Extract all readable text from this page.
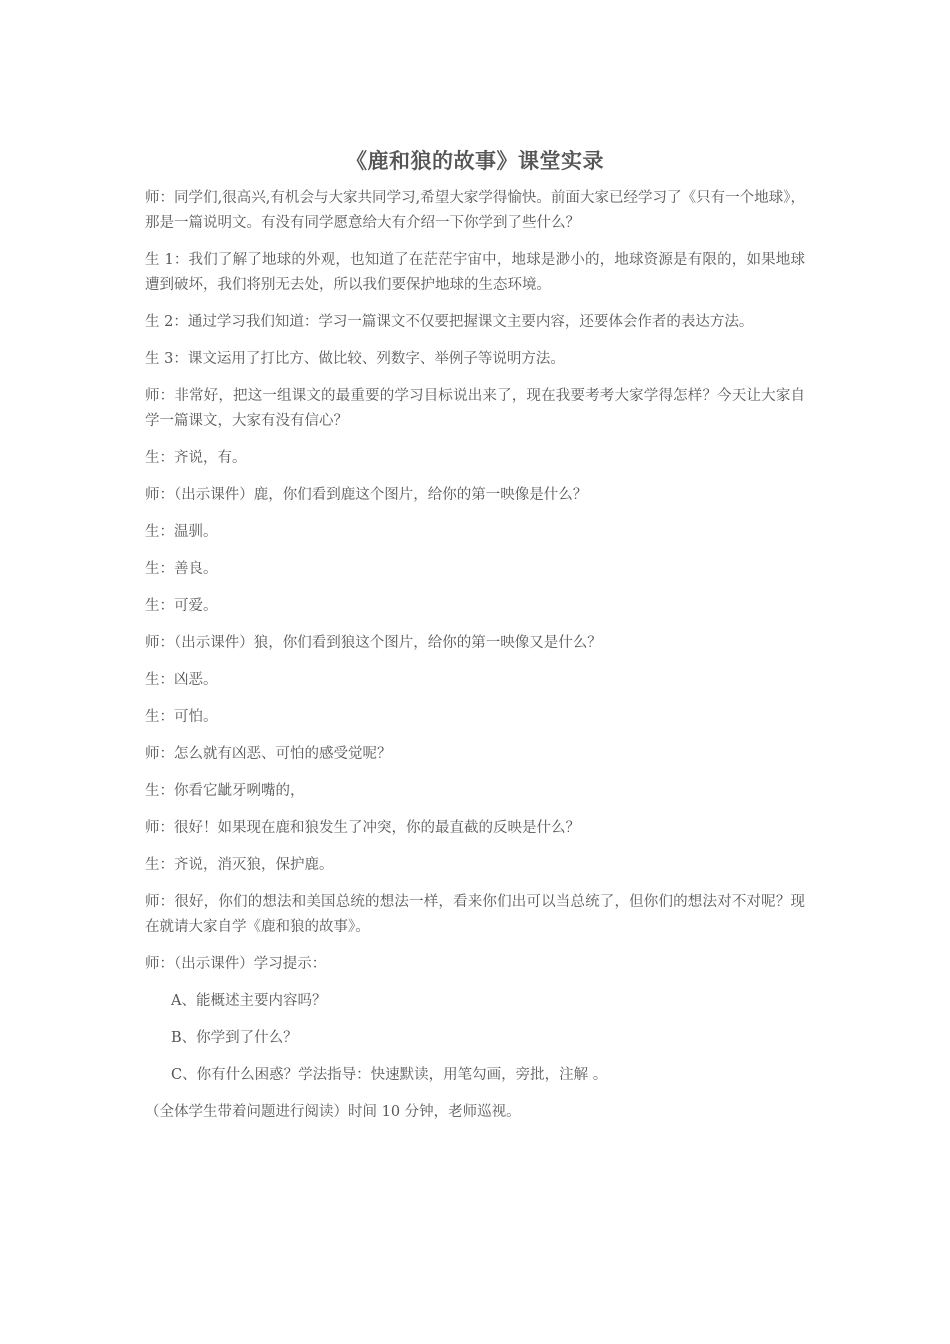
《鹿和狼的故事》课堂实录

师：同学们,很高兴,有机会与大家共同学习,希望大家学得愉快。前面大家已经学习了《只有一个地球》，那是一篇说明文。有没有同学愿意给大有介绍一下你学到了些什么？

生 1：我们了解了地球的外观，也知道了在茫茫宇宙中，地球是渺小的，地球资源是有限的，如果地球遭到破坏，我们将别无去处，所以我们要保护地球的生态环境。

生 2：通过学习我们知道：学习一篇课文不仅要把握课文主要内容，还要体会作者的表达方法。

生 3：课文运用了打比方、做比较、列数字、举例子等说明方法。

师：非常好，把这一组课文的最重要的学习目标说出来了，现在我要考考大家学得怎样？今天让大家自学一篇课文，大家有没有信心？

生：齐说，有。

师：（出示课件）鹿，你们看到鹿这个图片，给你的第一映像是什么？

生：温驯。

生：善良。

生：可爱。

师：（出示课件）狼，你们看到狼这个图片，给你的第一映像又是什么？

生：凶恶。

生：可怕。

师：怎么就有凶恶、可怕的感受觉呢？

生：你看它龇牙咧嘴的，

师：很好！如果现在鹿和狼发生了冲突，你的最直截的反映是什么？

生：齐说，消灭狼，保护鹿。

师：很好，你们的想法和美国总统的想法一样，看来你们出可以当总统了，但你们的想法对不对呢？现在就请大家自学《鹿和狼的故事》。

师：（出示课件）学习提示：

A、能概述主要内容吗？

B、你学到了什么？

C、你有什么困惑？学法指导：快速默读，用笔勾画，旁批，注解 。

（全体学生带着问题进行阅读）时间 10 分钟，老师巡视。
